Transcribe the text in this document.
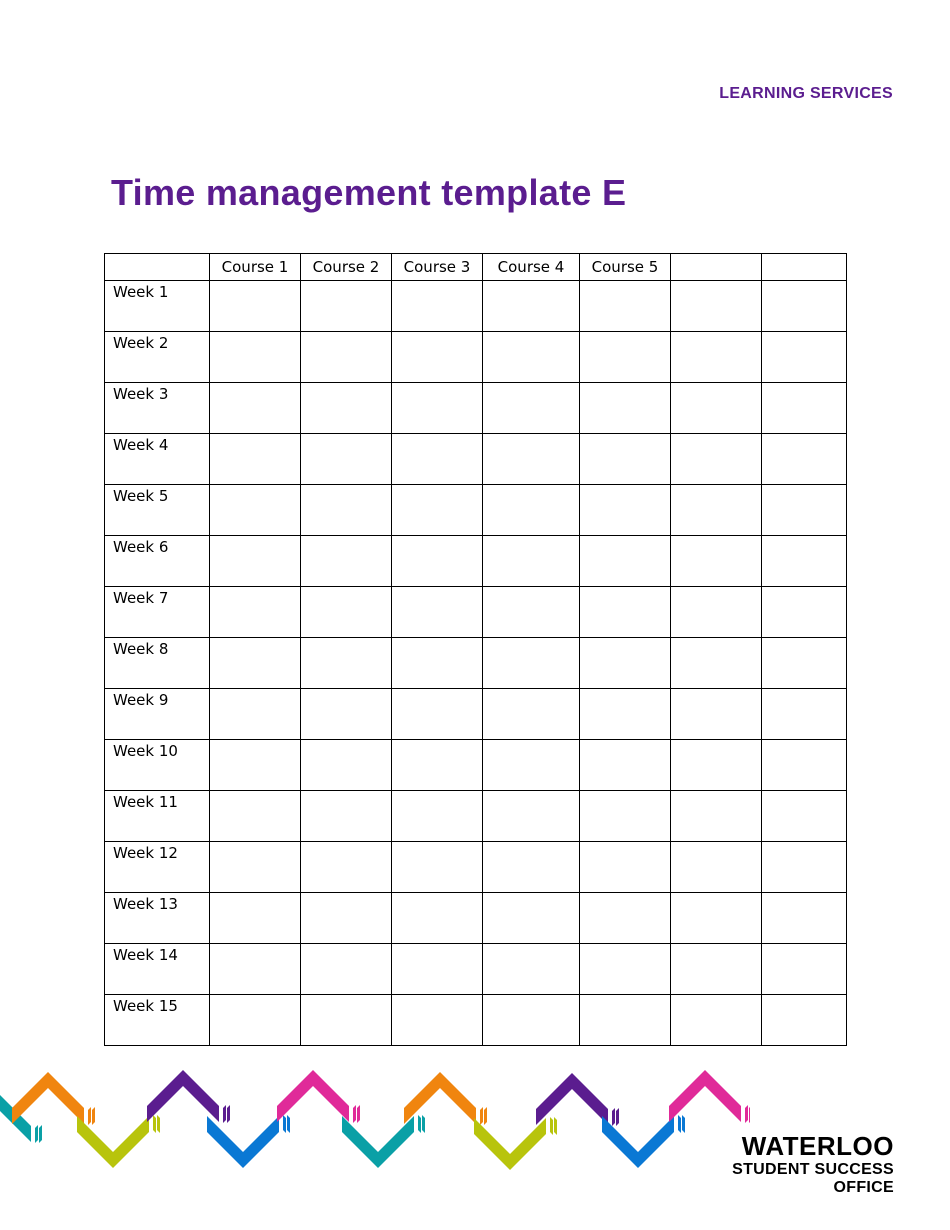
LEARNING SERVICES
Time management template E
	Course 1	Course 2	Course 3	Course 4	Course 5		
Week 1							
Week 2							
Week 3							
Week 4							
Week 5							
Week 6							
Week 7							
Week 8							
Week 9							
Week 10							
Week 11							
Week 12							
Week 13							
Week 14							
Week 15							
WATERLOO
STUDENT SUCCESS
OFFICE
